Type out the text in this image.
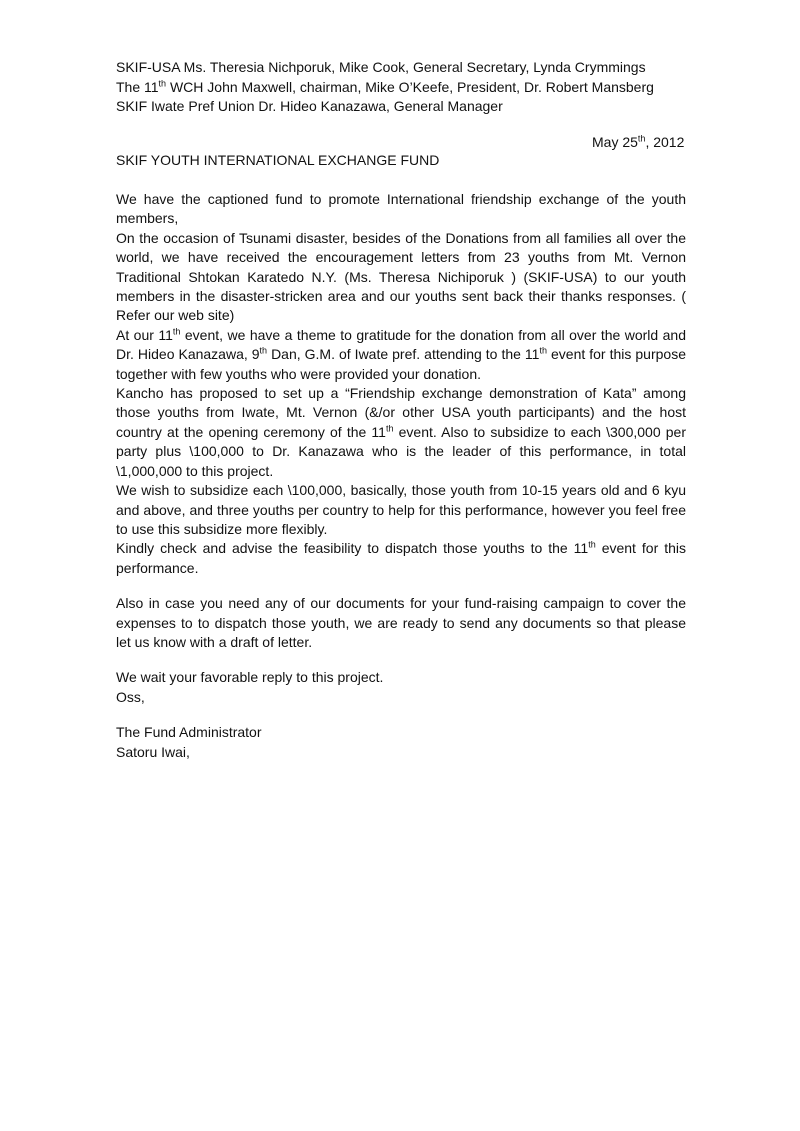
SKIF-USA Ms. Theresia Nichporuk, Mike Cook, General Secretary, Lynda Crymmings
The 11th WCH John Maxwell, chairman, Mike O’Keefe, President, Dr. Robert Mansberg
SKIF Iwate Pref Union Dr. Hideo Kanazawa, General Manager
May 25th, 2012
SKIF YOUTH INTERNATIONAL EXCHANGE FUND

We have the captioned fund to promote International friendship exchange of the youth members,

On the occasion of Tsunami disaster, besides of the Donations from all families all over the world, we have received the encouragement letters from 23 youths from Mt. Vernon Traditional Shtokan Karatedo N.Y. (Ms. Theresa Nichiporuk ) (SKIF-USA) to our youth members in the disaster-stricken area and our youths sent back their thanks responses. ( Refer our web site)

At our 11th event, we have a theme to gratitude for the donation from all over the world and Dr. Hideo Kanazawa, 9th Dan, G.M. of Iwate pref. attending to the 11th event for this purpose together with few youths who were provided your donation.

Kancho has proposed to set up a “Friendship exchange demonstration of Kata” among those youths from Iwate, Mt. Vernon (&/or other USA youth participants) and the host country at the opening ceremony of the 11th event. Also to subsidize to each \300,000 per party plus \100,000 to Dr. Kanazawa who is the leader of this performance, in total \1,000,000 to this project.

We wish to subsidize each \100,000, basically, those youth from 10-15 years old and 6 kyu and above, and three youths per country to help for this performance, however you feel free to use this subsidize more flexibly.

Kindly check and advise the feasibility to dispatch those youths to the 11th event for this performance.

Also in case you need any of our documents for your fund-raising campaign to cover the expenses to to dispatch those youth, we are ready to send any documents so that please let us know with a draft of letter.

We wait your favorable reply to this project.

Oss,

The Fund Administrator

Satoru Iwai,
